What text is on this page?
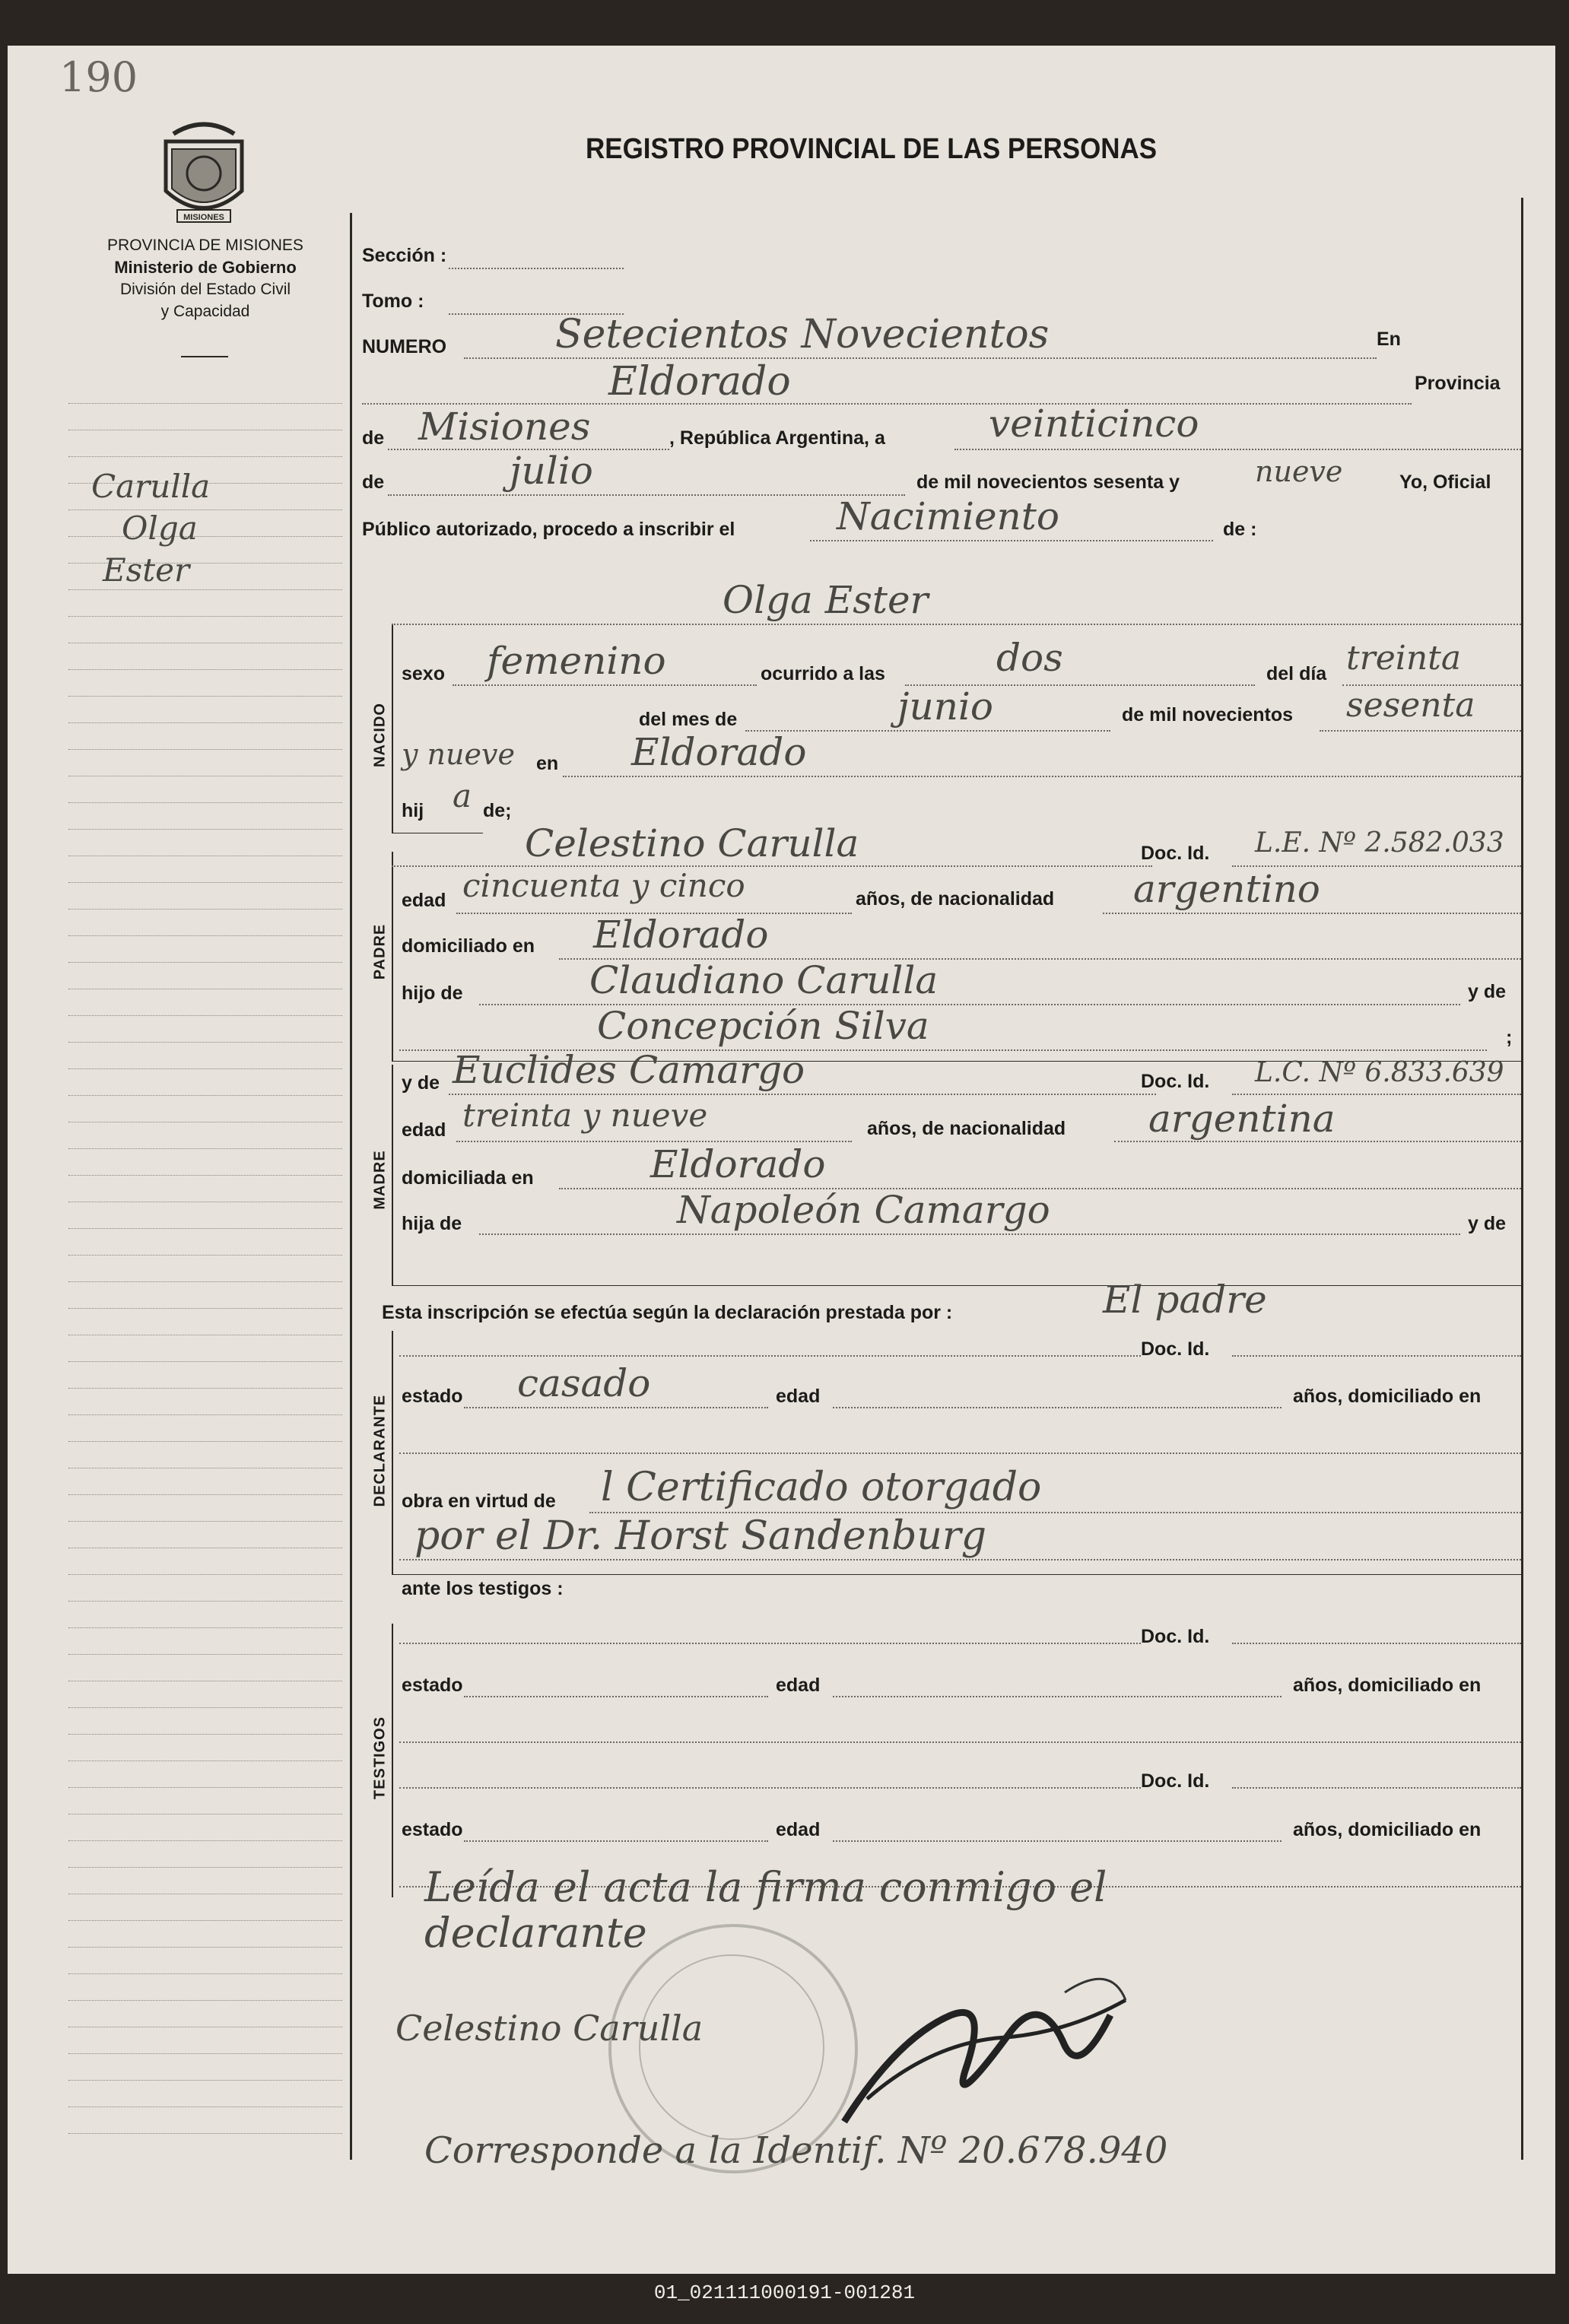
190
MISIONES
PROVINCIA DE MISIONES
Ministerio de Gobierno
División del Estado Civil
y Capacidad
REGISTRO PROVINCIAL DE LAS PERSONAS
Carulla
Olga
Ester
Sección :
Tomo :
NUMERO	Setecientos Novecientos	En
Eldorado	Provincia
de Misiones	, República Argentina, a	veinticinco
de	julio	de mil novecientos sesenta y	nueve	Yo, Oficial
Público autorizado, procedo a inscribir el	Nacimiento	de :
NACIDO
Olga Ester
sexo femenino	ocurrido a las	dos	del día treinta
del mes de	junio	de mil novecientos sesenta
y nueve en Eldorado
hij a de;
PADRE
Celestino Carulla	Doc. Id. L.E. Nº 2.582.033
edad cincuenta y cinco	años, de nacionalidad argentino
domiciliado en Eldorado
hijo de	Claudiano Carulla	y de
Concepción Silva	;
MADRE
y de Euclides Camargo	Doc. Id. L.C. Nº 6.833.639
edad treinta y nueve	años, de nacionalidad argentina
domiciliada en	Eldorado
hija de	Napoleón Camargo	y de
Esta inscripción se efectúa según la declaración prestada por :	El padre
DECLARANTE
Doc. Id.
estado casado	edad	años, domiciliado en
obra en virtud de l Certificado otorgado
por el Dr. Horst Sandenburg
ante los testigos :
TESTIGOS
Doc. Id.
estado	edad	años, domiciliado en
Doc. Id.
estado	edad	años, domiciliado en
Leída el acta la firma conmigo el
declarante
Celestino Carulla
Corresponde a la Identif. Nº 20.678.940
01_021111000191-001281
